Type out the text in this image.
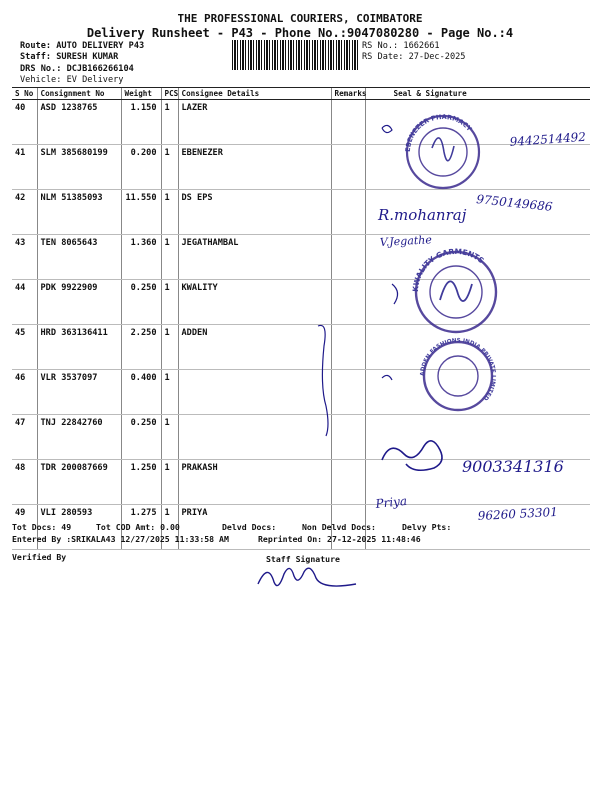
THE PROFESSIONAL COURIERS, COIMBATORE
Delivery Runsheet - P43 - Phone No.:9047080280 - Page No.:4
Route: AUTO DELIVERY P43
Staff: SURESH KUMAR
DRS No.: DCJB166266104
Vehicle: EV Delivery
RS No.: 1662661
RS Date: 27-Dec-2025
S No	Consignment No	Weight	PCS	Consignee Details	Remarks	Seal & Signature
40	ASD 1238765	1.150	1	LAZER		
41	SLM 385680199	0.200	1	EBENEZER		
42	NLM 51385093	11.550	1	DS EPS		
43	TEN 8065643	1.360	1	JEGATHAMBAL		
44	PDK 9922909	0.250	1	KWALITY		
45	HRD 363136411	2.250	1	ADDEN		
46	VLR 3537097	0.400	1			
47	TNJ 22842760	0.250	1			
48	TDR 200087669	1.250	1	PRAKASH		
49	VLI 280593	1.275	1	PRIYA		
Tot Docs: 49	Tot COD Amt: 0.00	Delvd Docs:	Non Delvd Docs:	Delvy Pts:
Entered By :SRIKALA43 12/27/2025 11:33:58 AM	Reprinted On: 27-12-2025 11:48:46
Verified By	Staff Signature
9442514492
EBENEZER PHARMACY
9750149686
R.mohanraj
V.Jegathe
KWALITY GARMENTS
ADDEN FASHIONS INDIA PRIVATE LIMITED
9003341316
Priya
96260 53301
